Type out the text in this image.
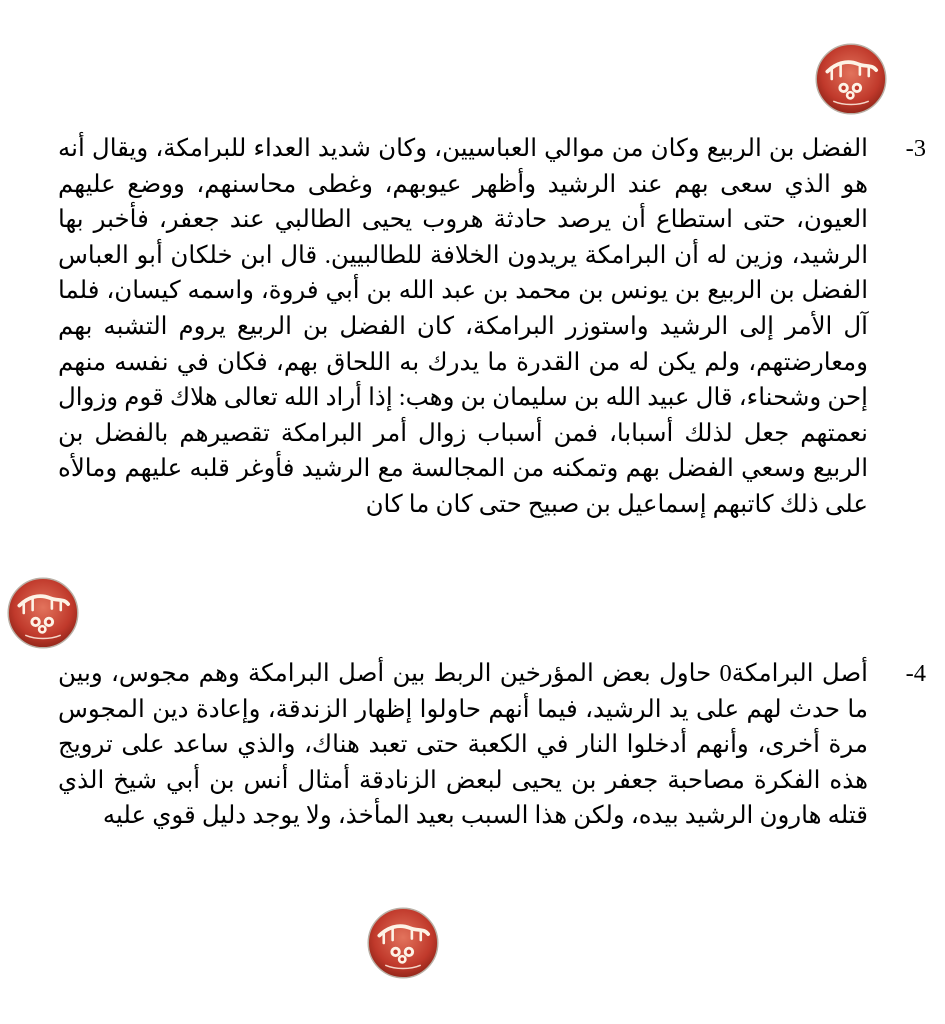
-3
الفضل بن الربيع وكان من موالي العباسيين، وكان شديد العداء للبرامكة، ويقال أنه هو الذي سعى بهم عند الرشيد وأظهر عيوبهم، وغطى محاسنهم، ووضع عليهم العيون، حتى استطاع أن يرصد حادثة هروب يحيى الطالبي عند جعفر، فأخبر بها الرشيد، وزين له أن البرامكة يريدون الخلافة للطالبيين. قال ابن خلكان أبو العباس الفضل بن الربيع بن يونس بن محمد بن عبد الله بن أبي فروة، واسمه كيسان، فلما آل الأمر إلى الرشيد واستوزر البرامكة، كان الفضل بن الربيع يروم التشبه بهم ومعارضتهم، ولم يكن له من القدرة ما يدرك به اللحاق بهم، فكان في نفسه منهم إحن وشحناء، قال عبيد الله بن سليمان بن وهب: إذا أراد الله تعالى هلاك قوم وزوال نعمتهم جعل لذلك أسبابا، فمن أسباب زوال أمر البرامكة تقصيرهم بالفضل بن الربيع وسعي الفضل بهم وتمكنه من المجالسة مع الرشيد فأوغر قلبه عليهم ومالأه على ذلك كاتبهم إسماعيل بن صبيح حتى كان ما كان
-4
أصل البرامكة0 حاول بعض المؤرخين الربط بين أصل البرامكة وهم مجوس، وبين ما حدث لهم على يد الرشيد، فيما أنهم حاولوا إظهار الزندقة، وإعادة دين المجوس مرة أخرى، وأنهم أدخلوا النار في الكعبة حتى تعبد هناك، والذي ساعد على ترويج هذه الفكرة مصاحبة جعفر بن يحيى لبعض الزنادقة أمثال أنس بن أبي شيخ الذي قتله هارون الرشيد بيده، ولكن هذا السبب بعيد المأخذ، ولا يوجد دليل قوي عليه
